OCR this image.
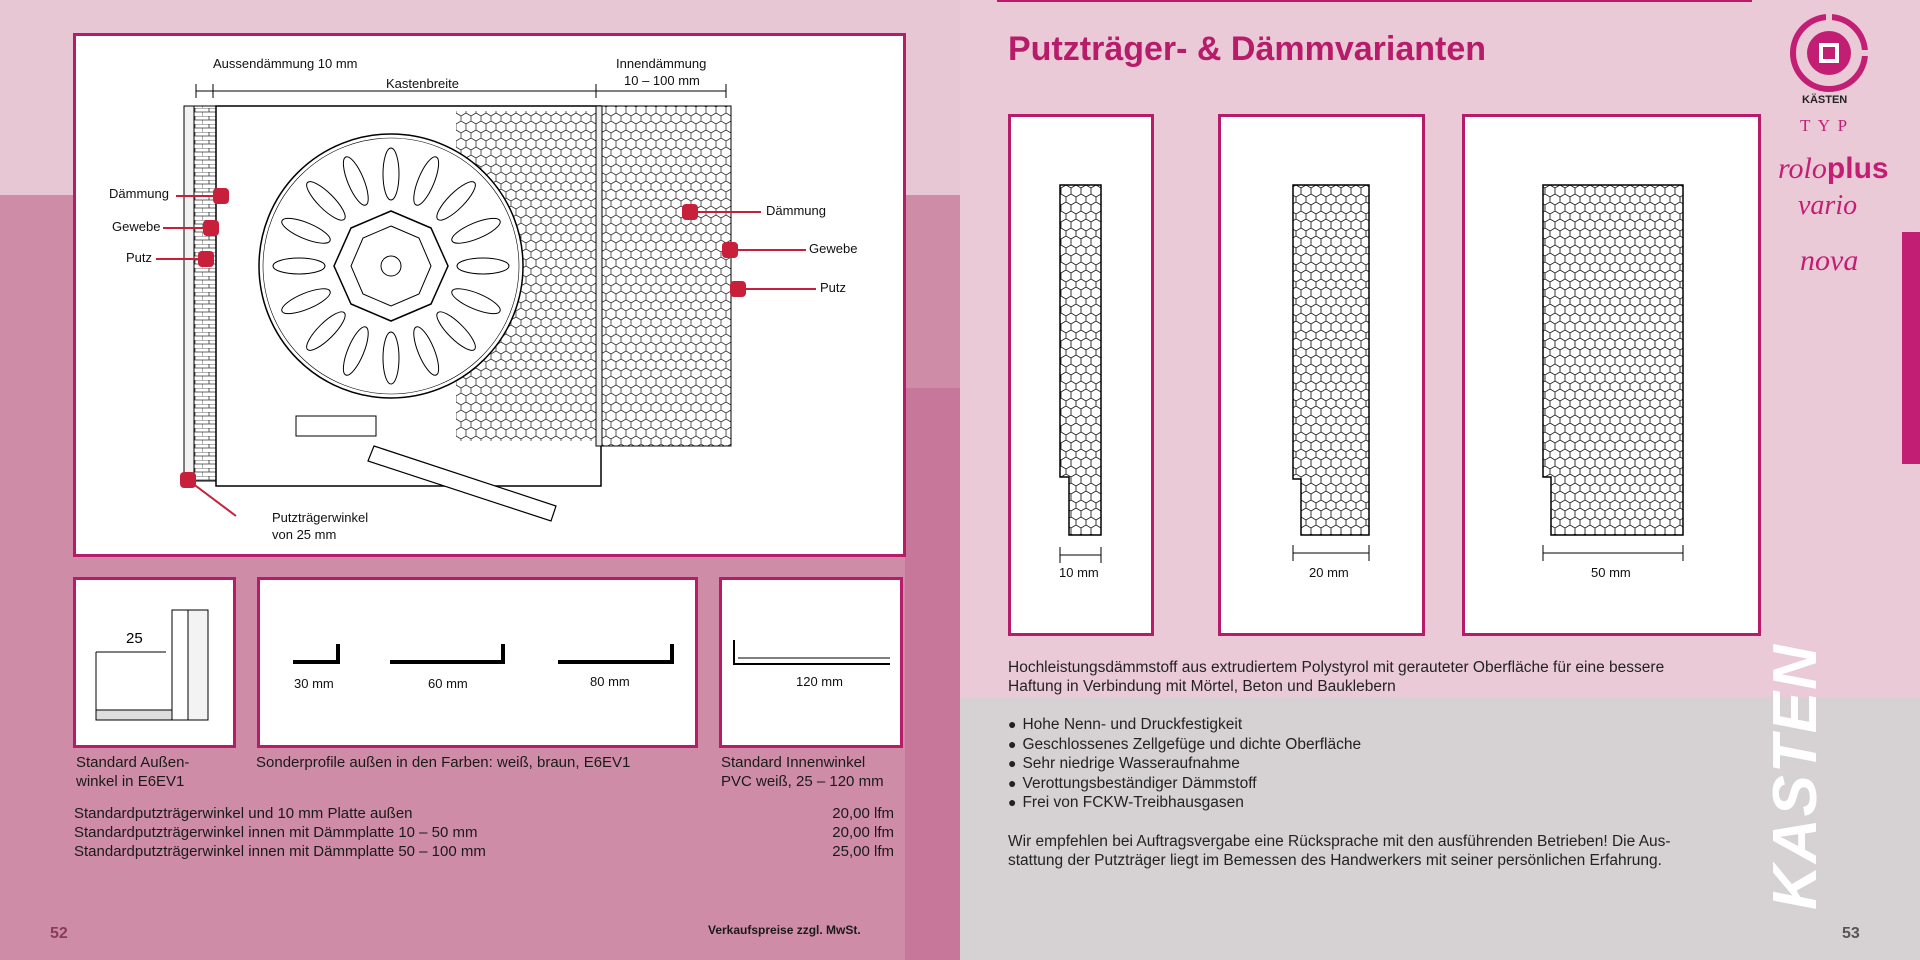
Aussendämmung 10 mm
Kastenbreite
Innendämmung
10 – 100 mm
Dämmung
Gewebe
Putz
Dämmung
Gewebe
Putz
Putzträgerwinkel
von 25 mm
25
Standard Außen-
winkel in E6EV1
30 mm	60 mm	80 mm
Sonderprofile außen in den Farben: weiß, braun, E6EV1
120 mm
Standard Innenwinkel
PVC weiß, 25 – 120 mm
Standardputzträgerwinkel und 10 mm Platte außen	20,00 lfm
Standardputzträgerwinkel innen mit Dämmplatte 10 – 50 mm	20,00 lfm
Standardputzträgerwinkel innen mit Dämmplatte 50 – 100 mm	25,00 lfm
52	Verkaufspreise zzgl. MwSt.
Putzträger- & Dämmvarianten
10 mm	20 mm	50 mm
Hochleistungsdämmstoff aus extrudiertem Polystyrol mit gerauteter Oberfläche für eine bessere
Haftung in Verbindung mit Mörtel, Beton und Bauklebern
● Hohe Nenn- und Druckfestigkeit
● Geschlossenes Zellgefüge und dichte Oberfläche
● Sehr niedrige Wasseraufnahme
● Verottungsbeständiger Dämmstoff
● Frei von FCKW-Treibhausgasen
Wir empfehlen bei Auftragsvergabe eine Rücksprache mit den ausführenden Betrieben! Die Aus-
stattung der Putzträger liegt im Bemessen des Handwerkers mit seiner persönlichen Erfahrung.
53
KÄSTEN
T Y P
roloplus
vario
nova
KASTEN
